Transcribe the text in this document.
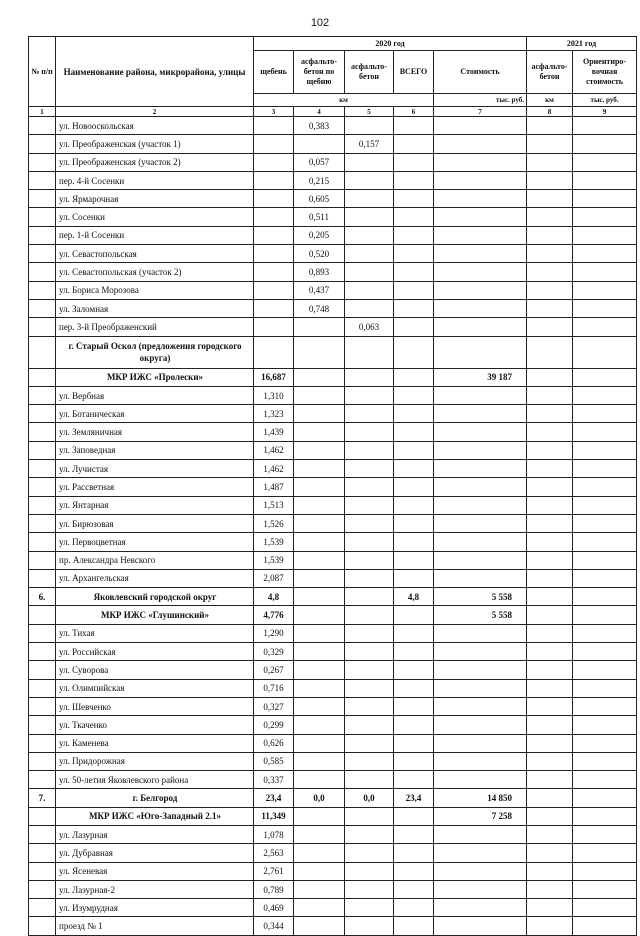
102
№ п/п	Наименование района, микрорайона, улицы	2020 год					2021 год	
		щебень	асфальто-бетон по щебню	асфальто-бетон	ВСЕГО	Стоимость	асфальто-бетон	Ориентиро-вочная стоимость
		км				тыс. руб.	км	тыс. руб.
1	2	3	4	5	6	7	8	9
	ул. Новооскольская		0,383					
	ул. Преображенская (участок 1)			0,157				
	ул. Преображенская (участок 2)		0,057					
	пер. 4-й Сосенки		0,215					
	ул. Ярмарочная		0,605					
	ул. Сосенки		0,511					
	пер. 1-й Сосенки		0,205					
	ул. Севастопольская		0,520					
	ул. Севастопольская (участок 2)		0,893					
	ул. Бориса Морозова		0,437					
	ул. Заломная		0,748					
	пер. 3-й Преображенский			0,063				
	г. Старый Оскол (предложения городского округа)							
	МКР ИЖС «Пролески»	16,687				39 187		
	ул. Вербная	1,310						
	ул. Ботаническая	1,323						
	ул. Земляничная	1,439						
	ул. Заповедная	1,462						
	ул. Лучистая	1,462						
	ул. Рассветная	1,487						
	ул. Янтарная	1,513						
	ул. Бирюзовая	1,526						
	ул. Первоцветная	1,539						
	пр. Александра Невского	1,539						
	ул. Архангельская	2,087						
6.	Яковлевский городской округ	4,8			4,8	5 558		
	МКР ИЖС «Глушинский»	4,776				5 558		
	ул. Тихая	1,290						
	ул. Российская	0,329						
	ул. Суворова	0,267						
	ул. Олимпийская	0,716						
	ул. Шевченко	0,327						
	ул. Ткаченко	0,299						
	ул. Каменева	0,626						
	ул. Придорожная	0,585						
	ул. 50-летия Яковлевского района	0,337						
7.	г. Белгород	23,4	0,0	0,0	23,4	14 850		
	МКР ИЖС «Юго-Западный 2.1»	11,349				7 258		
	ул. Лазурная	1,078						
	ул. Дубравная	2,563						
	ул. Ясеневая	2,761						
	ул. Лазурная-2	0,789						
	ул. Изумрудная	0,469						
	проезд № 1	0,344						
